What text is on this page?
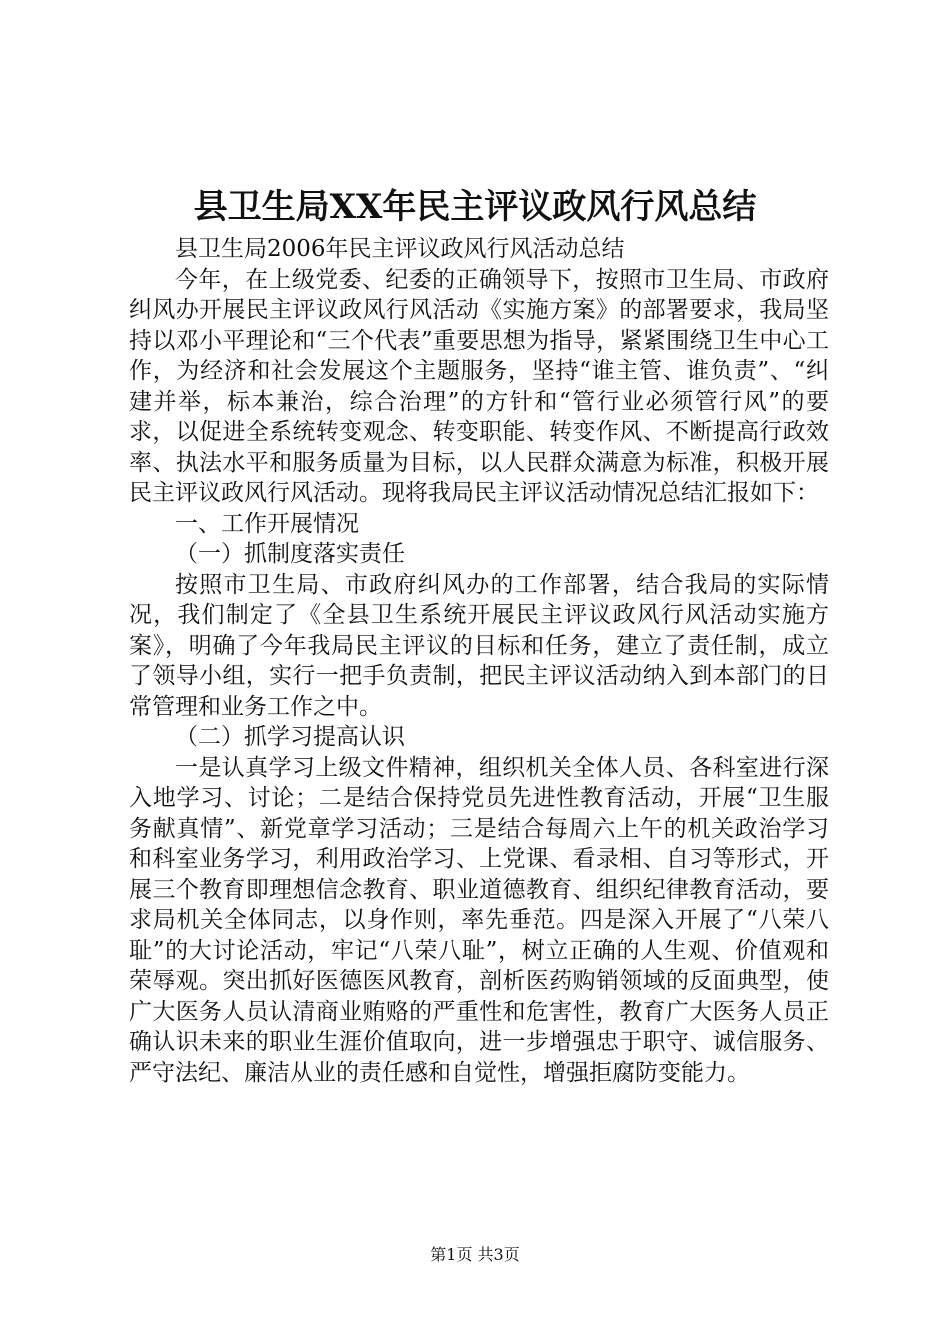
县卫生局XX年民主评议政风行风总结

县卫生局2006年民主评议政风行风活动总结

今年，在上级党委、纪委的正确领导下，按照市卫生局、市政府纠风办开展民主评议政风行风活动《实施方案》的部署要求，我局坚持以邓小平理论和“三个代表”重要思想为指导，紧紧围绕卫生中心工作，为经济和社会发展这个主题服务，坚持“谁主管、谁负责”、“纠建并举，标本兼治，综合治理”的方针和“管行业必须管行风”的要求，以促进全系统转变观念、转变职能、转变作风、不断提高行政效率、执法水平和服务质量为目标，以人民群众满意为标准，积极开展民主评议政风行风活动。现将我局民主评议活动情况总结汇报如下：

一、工作开展情况

（一）抓制度落实责任

按照市卫生局、市政府纠风办的工作部署，结合我局的实际情况，我们制定了《全县卫生系统开展民主评议政风行风活动实施方案》，明确了今年我局民主评议的目标和任务，建立了责任制，成立了领导小组，实行一把手负责制，把民主评议活动纳入到本部门的日常管理和业务工作之中。

（二）抓学习提高认识

一是认真学习上级文件精神，组织机关全体人员、各科室进行深入地学习、讨论；二是结合保持党员先进性教育活动，开展“卫生服务献真情”、新党章学习活动；三是结合每周六上午的机关政治学习和科室业务学习，利用政治学习、上党课、看录相、自习等形式，开展三个教育即理想信念教育、职业道德教育、组织纪律教育活动，要求局机关全体同志，以身作则，率先垂范。四是深入开展了“八荣八耻”的大讨论活动，牢记“八荣八耻”，树立正确的人生观、价值观和荣辱观。突出抓好医德医风教育，剖析医药购销领域的反面典型，使广大医务人员认清商业贿赂的严重性和危害性，教育广大医务人员正确认识未来的职业生涯价值取向，进一步增强忠于职守、诚信服务、严守法纪、廉洁从业的责任感和自觉性，增强拒腐防变能力。

第1页 共3页
